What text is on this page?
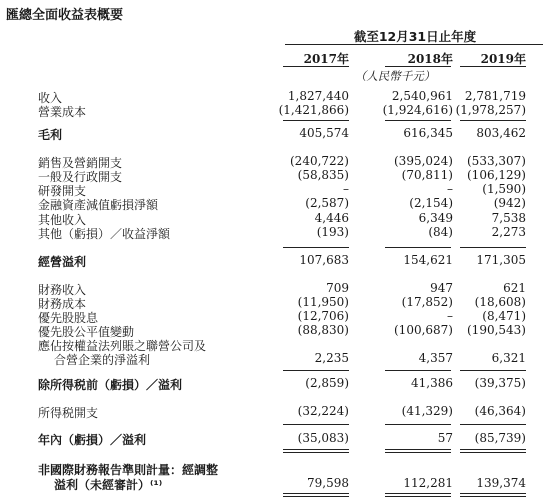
匯總全面收益表概要
截至12月31日止年度
2017年	2018年	2019年
（人民幣千元）
收入	1,827,440	2,540,961 2,781,719
營業成本	(1,421,866)	(1,924,616) (1,978,257)
毛利	405,574	616,345	803,462
銷售及營銷開支	(240,722)	(395,024)	(533,307)
一般及行政開支	(58,835)	(70,811)	(106,129)
研發開支	–	–	(1,590)
金融資產減值虧損淨額	(2,587)	(2,154)	(942)
其他收入	4,446	6,349	7,538
其他（虧損）／收益淨額	(193)	(84)	2,273
經營溢利	107,683	154,621	171,305
財務收入	709	947	621
財務成本	(11,950)	(17,852)	(18,608)
優先股股息	(12,706)	–	(8,471)
優先股公平值變動	(88,830)	(100,687)	(190,543)
應佔按權益法列賬之聯營公司及
合營企業的淨溢利	2,235	4,357	6,321
除所得税前（虧損）／溢利	(2,859)	41,386	(39,375)
所得税開支	(32,224)	(41,329)	(46,364)
年內（虧損）／溢利	(35,083)	57	(85,739)
非國際財務報告準則計量：經調整
溢利（未經審計）⁽¹⁾	79,598	112,281	139,374
